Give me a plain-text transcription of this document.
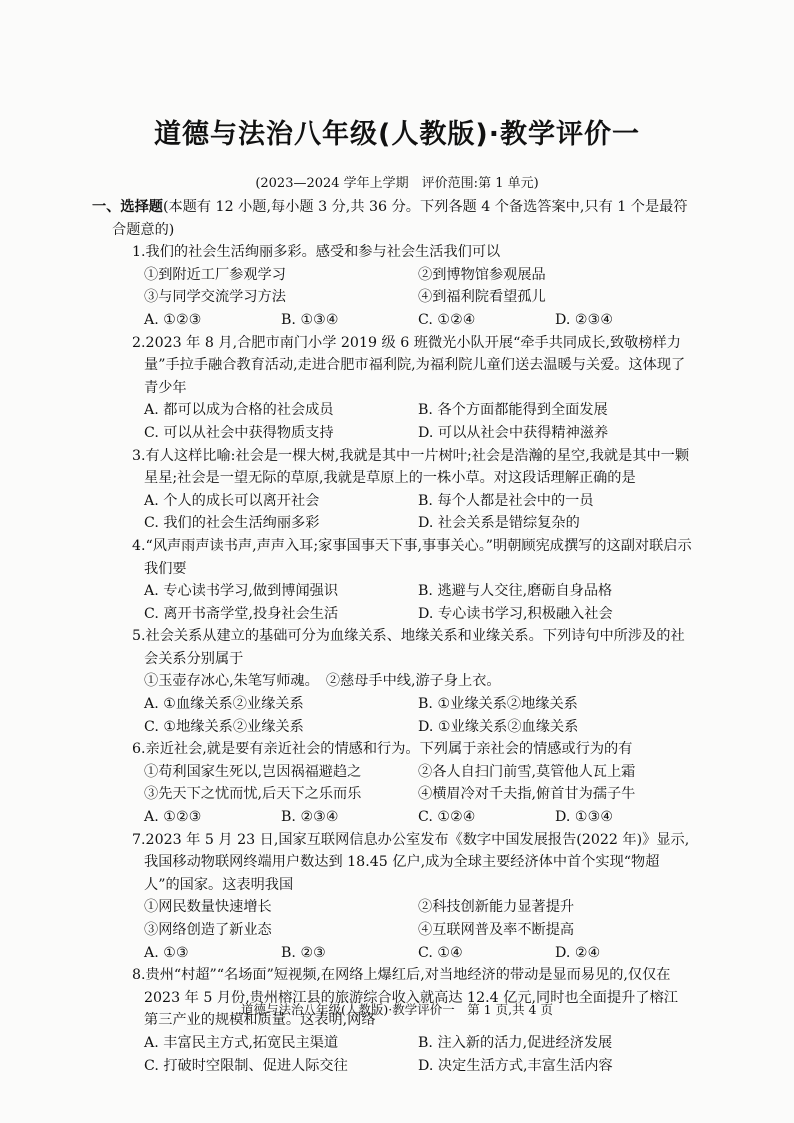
道德与法治八年级(人教版)·教学评价一
(2023—2024 学年上学期　评价范围:第 1 单元)
一、选择题(本题有 12 小题,每小题 3 分,共 36 分。下列各题 4 个备选答案中,只有 1 个是最符
合题意的)
1.我们的社会生活绚丽多彩。感受和参与社会生活我们可以
①到附近工厂参观学习	②到博物馆参观展品
③与同学交流学习方法	④到福利院看望孤儿
A. ①②③	B. ①③④	C. ①②④	D. ②③④
2.2023 年 8 月,合肥市南门小学 2019 级 6 班微光小队开展“牵手共同成长,致敬榜样力量”手拉手融合教育活动,走进合肥市福利院,为福利院儿童们送去温暖与关爱。这体现了青少年
A. 都可以成为合格的社会成员	B. 各个方面都能得到全面发展
C. 可以从社会中获得物质支持	D. 可以从社会中获得精神滋养
3.有人这样比喻:社会是一棵大树,我就是其中一片树叶;社会是浩瀚的星空,我就是其中一颗星星;社会是一望无际的草原,我就是草原上的一株小草。对这段话理解正确的是
A. 个人的成长可以离开社会	B. 每个人都是社会中的一员
C. 我们的社会生活绚丽多彩	D. 社会关系是错综复杂的
4.“风声雨声读书声,声声入耳;家事国事天下事,事事关心。”明朝顾宪成撰写的这副对联启示我们要
A. 专心读书学习,做到博闻强识	B. 逃避与人交往,磨砺自身品格
C. 离开书斋学堂,投身社会生活	D. 专心读书学习,积极融入社会
5.社会关系从建立的基础可分为血缘关系、地缘关系和业缘关系。下列诗句中所涉及的社会关系分别属于
①玉壶存冰心,朱笔写师魂。　②慈母手中线,游子身上衣。
A. ①血缘关系②业缘关系	B. ①业缘关系②地缘关系
C. ①地缘关系②业缘关系	D. ①业缘关系②血缘关系
6.亲近社会,就是要有亲近社会的情感和行为。下列属于亲社会的情感或行为的有
①苟利国家生死以,岂因祸福避趋之	②各人自扫门前雪,莫管他人瓦上霜
③先天下之忧而忧,后天下之乐而乐	④横眉冷对千夫指,俯首甘为孺子牛
A. ①②③	B. ②③④	C. ①②④	D. ①③④
7.2023 年 5 月 23 日,国家互联网信息办公室发布《数字中国发展报告(2022 年)》显示,我国移动物联网终端用户数达到 18.45 亿户,成为全球主要经济体中首个实现“物超人”的国家。这表明我国
①网民数量快速增长	②科技创新能力显著提升
③网络创造了新业态	④互联网普及率不断提高
A. ①③	B. ②③	C. ①④	D. ②④
8.贵州“村超”“名场面”短视频,在网络上爆红后,对当地经济的带动是显而易见的,仅仅在 2023 年 5 月份,贵州榕江县的旅游综合收入就高达 12.4 亿元,同时也全面提升了榕江第三产业的规模和质量。这表明,网络
A. 丰富民主方式,拓宽民主渠道	B. 注入新的活力,促进经济发展
C. 打破时空限制、促进人际交往	D. 决定生活方式,丰富生活内容
道德与法治八年级(人教版)·教学评价一　第 1 页,共 4 页
